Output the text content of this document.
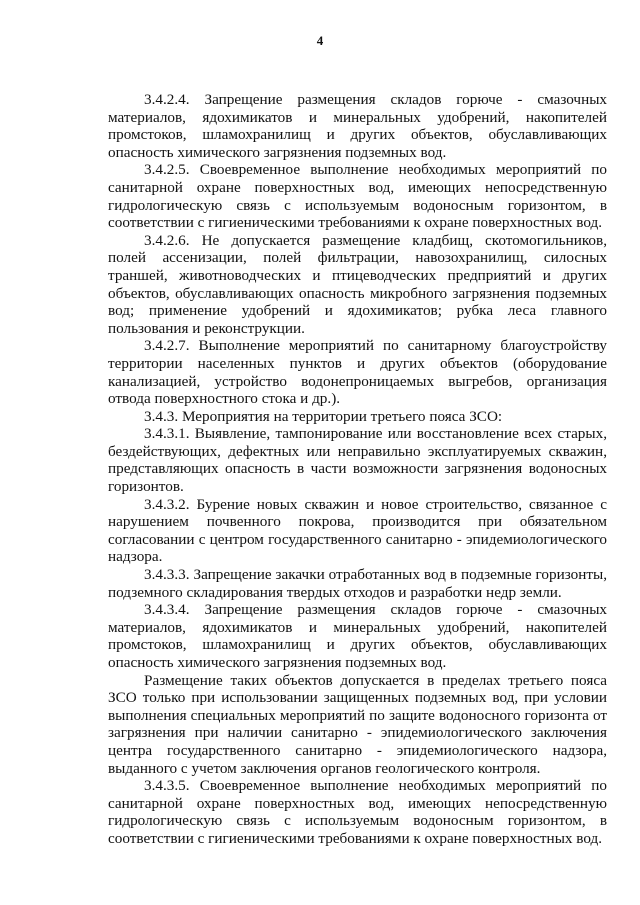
4

3.4.2.4. Запрещение размещения складов горюче - смазочных материалов, ядохимикатов и минеральных удобрений, накопителей промстоков, шламохранилищ и других объектов, обуславливающих опасность химического загрязнения подземных вод.

3.4.2.5. Своевременное выполнение необходимых мероприятий по санитарной охране поверхностных вод, имеющих непосредственную гидрологическую связь с используемым водоносным горизонтом, в соответствии с гигиеническими требованиями к охране поверхностных вод.

3.4.2.6. Не допускается размещение кладбищ, скотомогильников, полей ассенизации, полей фильтрации, навозохранилищ, силосных траншей, животноводческих и птицеводческих предприятий и других объектов, обуславливающих опасность микробного загрязнения подземных вод; применение удобрений и ядохимикатов; рубка леса главного пользования и реконструкции.

3.4.2.7. Выполнение мероприятий по санитарному благоустройству территории населенных пунктов и других объектов (оборудование канализацией, устройство водонепроницаемых выгребов, организация отвода поверхностного стока и др.).

3.4.3. Мероприятия на территории третьего пояса ЗСО:

3.4.3.1. Выявление, тампонирование или восстановление всех старых, бездействующих, дефектных или неправильно эксплуатируемых скважин, представляющих опасность в части возможности загрязнения водоносных горизонтов.

3.4.3.2. Бурение новых скважин и новое строительство, связанное с нарушением почвенного покрова, производится при обязательном согласовании с центром государственного санитарно - эпидемиологического надзора.

3.4.3.3. Запрещение закачки отработанных вод в подземные горизонты, подземного складирования твердых отходов и разработки недр земли.

3.4.3.4. Запрещение размещения складов горюче - смазочных материалов, ядохимикатов и минеральных удобрений, накопителей промстоков, шламохранилищ и других объектов, обуславливающих опасность химического загрязнения подземных вод.

Размещение таких объектов допускается в пределах третьего пояса ЗСО только при использовании защищенных подземных вод, при условии выполнения специальных мероприятий по защите водоносного горизонта от загрязнения при наличии санитарно - эпидемиологического заключения центра государственного санитарно - эпидемиологического надзора, выданного с учетом заключения органов геологического контроля.

3.4.3.5. Своевременное выполнение необходимых мероприятий по санитарной охране поверхностных вод, имеющих непосредственную гидрологическую связь с используемым водоносным горизонтом, в соответствии с гигиеническими требованиями к охране поверхностных вод.
